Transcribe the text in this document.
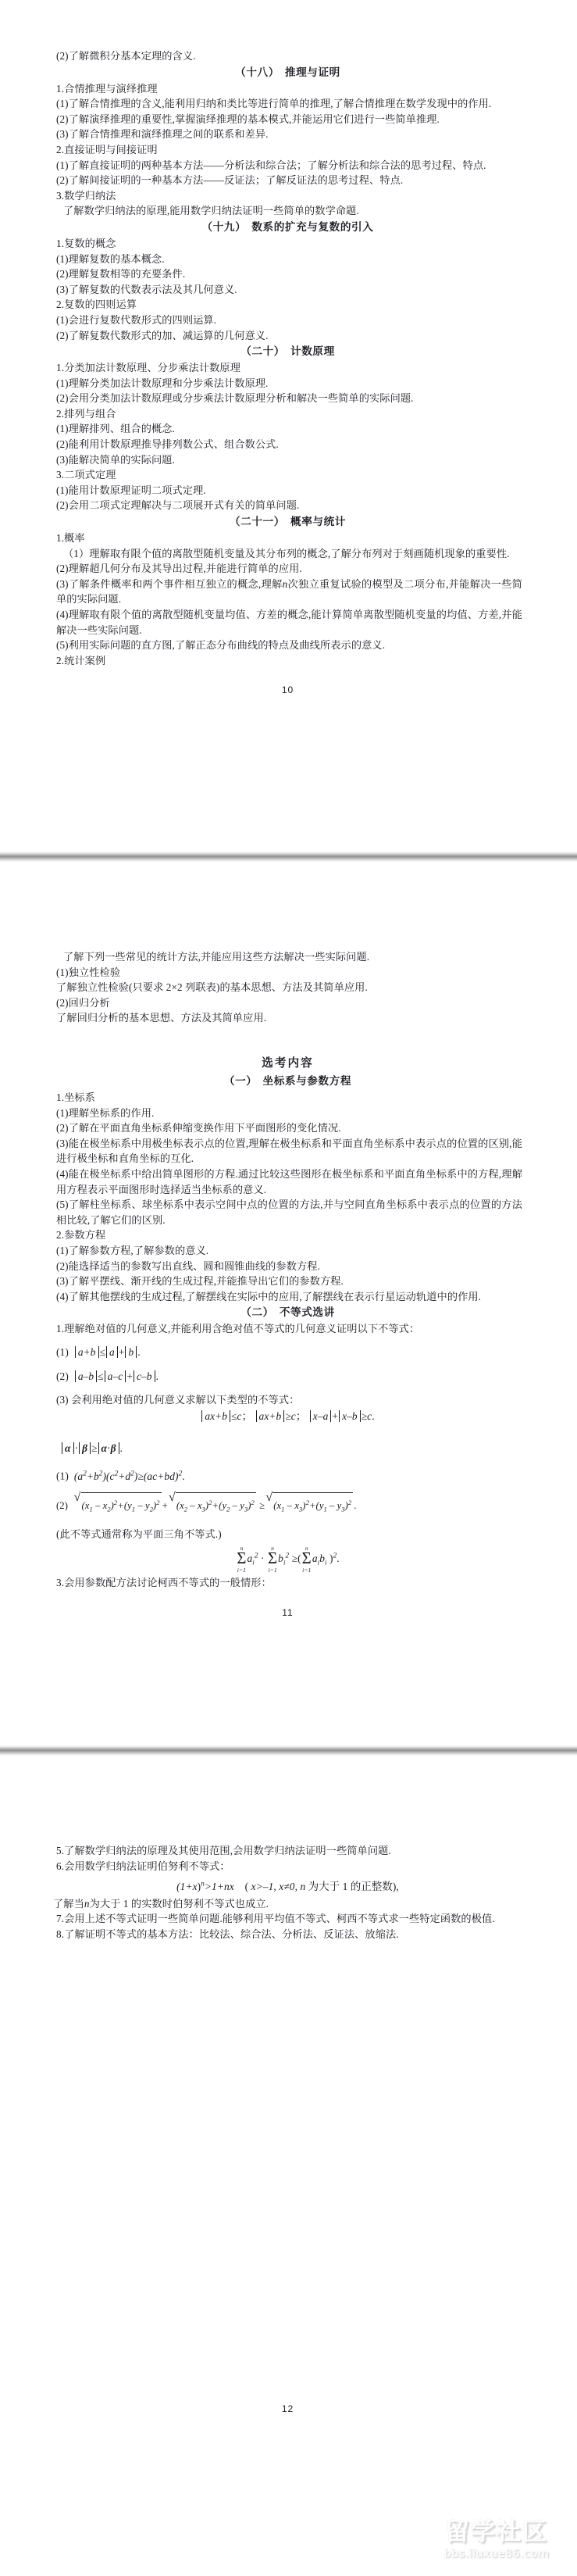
(2)了解微积分基本定理的含义.

（十八） 推理与证明

1.合情推理与演绎推理

(1)了解合情推理的含义,能利用归纳和类比等进行简单的推理,了解合情推理在数学发现中的作用.

(2)了解演绎推理的重要性,掌握演绎推理的基本模式,并能运用它们进行一些简单推理.

(3)了解合情推理和演绎推理之间的联系和差异.

2.直接证明与间接证明

(1)了解直接证明的两种基本方法——分析法和综合法；了解分析法和综合法的思考过程、特点.

(2)了解间接证明的一种基本方法——反证法；了解反证法的思考过程、特点.

3.数学归纳法

了解数学归纳法的原理,能用数学归纳法证明一些简单的数学命题.

（十九） 数系的扩充与复数的引入

1.复数的概念

(1)理解复数的基本概念.

(2)理解复数相等的充要条件.

(3)了解复数的代数表示法及其几何意义.

2.复数的四则运算

(1)会进行复数代数形式的四则运算.

(2)了解复数代数形式的加、减运算的几何意义.

（二十） 计数原理

1.分类加法计数原理、分步乘法计数原理

(1)理解分类加法计数原理和分步乘法计数原理.

(2)会用分类加法计数原理或分步乘法计数原理分析和解决一些简单的实际问题.

2.排列与组合

(1)理解排列、组合的概念.

(2)能利用计数原理推导排列数公式、组合数公式.

(3)能解决简单的实际问题.

3.二项式定理

(1)能用计数原理证明二项式定理.

(2)会用二项式定理解决与二项展开式有关的简单问题.

（二十一） 概率与统计

1.概率

（1）理解取有限个值的离散型随机变量及其分布列的概念,了解分布列对于刻画随机现象的重要性.

(2)理解超几何分布及其导出过程,并能进行简单的应用.

(3)了解条件概率和两个事件相互独立的概念,理解n次独立重复试验的模型及二项分布,并能解决一些简单的实际问题.

(4)理解取有限个值的离散型随机变量均值、方差的概念,能计算简单离散型随机变量的均值、方差,并能解决一些实际问题.

(5)利用实际问题的直方图,了解正态分布曲线的特点及曲线所表示的意义.

2.统计案例

10

了解下列一些常见的统计方法,并能应用这些方法解决一些实际问题.

(1)独立性检验

了解独立性检验(只要求 2×2 列联表)的基本思想、方法及其简单应用.

(2)回归分析

了解回归分析的基本思想、方法及其简单应用.

选考内容
（一） 坐标系与参数方程

1.坐标系

(1)理解坐标系的作用.

(2)了解在平面直角坐标系伸缩变换作用下平面图形的变化情况.

(3)能在极坐标系中用极坐标表示点的位置,理解在极坐标系和平面直角坐标系中表示点的位置的区别,能进行极坐标和直角坐标的互化.

(4)能在极坐标系中给出简单图形的方程.通过比较这些图形在极坐标系和平面直角坐标系中的方程,理解用方程表示平面图形时选择适当坐标系的意义.

(5)了解柱坐标系、球坐标系中表示空间中点的位置的方法,并与空间直角坐标系中表示点的位置的方法相比较,了解它们的区别.

2.参数方程

(1)了解参数方程,了解参数的意义.

(2)能选择适当的参数写出直线、圆和圆锥曲线的参数方程.

(3)了解平摆线、渐开线的生成过程,并能推导出它们的参数方程.

(4)了解其他摆线的生成过程,了解摆线在实际中的应用,了解摆线在表示行星运动轨道中的作用.

（二） 不等式选讲

1.理解绝对值的几何意义,并能利用含绝对值不等式的几何意义证明以下不等式：

(1) a+b ≤ a + b .

(2) a–b ≤ a–c + c–b .

(3) 会利用绝对值的几何意义求解以下类型的不等式：

ax+b ≤c； ax+b ≥c； x–a + x–b ≥c.

α · β ≥ α·β .

(1)  $(a^2+b^2)(c^2+d^2)\ge(ac+bd)^2$.

(2)
√
$(x_1 - x_2)^2+(y_1 - y_2)^2$ +
√
$(x_2 - x_3)^2+(y_2 - y_3)^2$ ≥
√
$(x_1 - x_3)^2+(y_1 - y_3)^2$ .

(此不等式通常称为平面三角不等式.)

n
Σ
i=1
$a_i^2$ ·
n
Σ
i=1
$b_i^2$ ≥(
n
Σ
i=1
$a_ib_i$ )$^2$.

3.会用参数配方法讨论柯西不等式的一般情形：

11

5.了解数学归纳法的原理及其使用范围,会用数学归纳法证明一些简单问题.

6.会用数学归纳法证明伯努利不等式：

$(1+x)^n>1+nx$    ( x>–1, x≠0, n 为大于 1 的正整数),

了解当n为大于 1 的实数时伯努利不等式也成立.

7.会用上述不等式证明一些简单问题.能够利用平均值不等式、柯西不等式求一些特定函数的极值.

8.了解证明不等式的基本方法：比较法、综合法、分析法、反证法、放缩法.

12
留学社区
bbs.liuxue86.com
